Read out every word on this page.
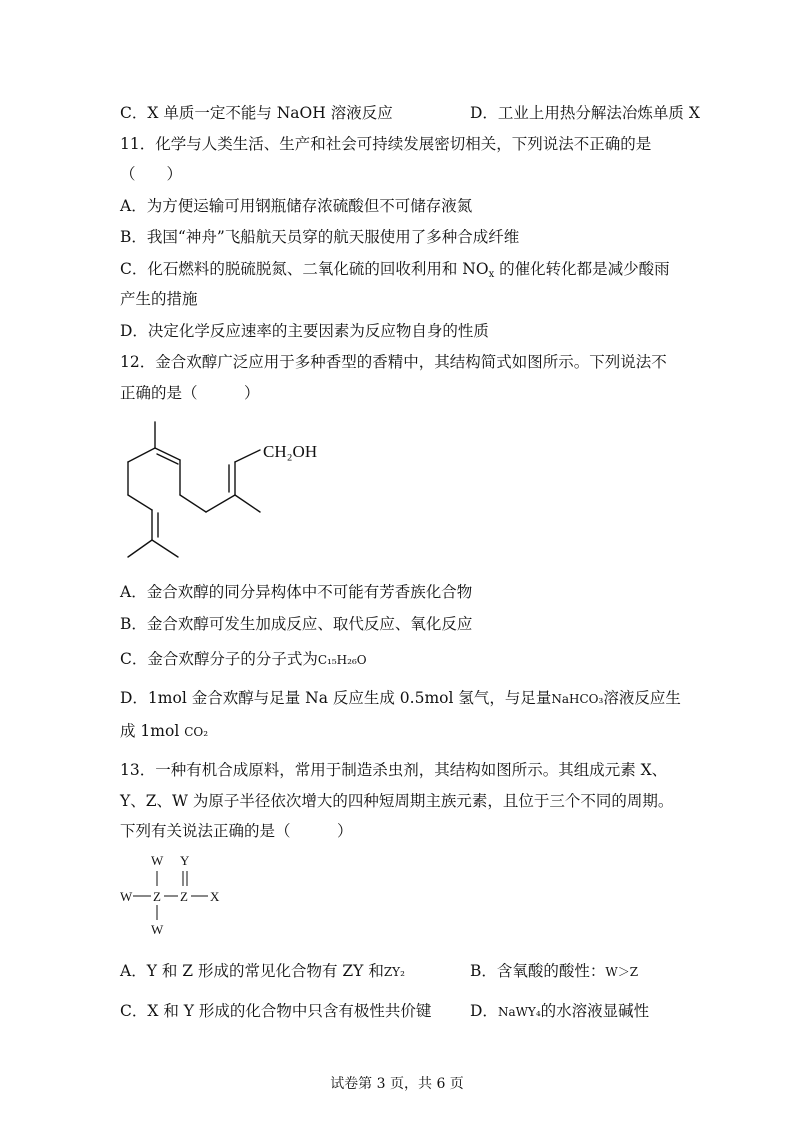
C．X 单质一定不能与 NaOH 溶液反应	D．工业上用热分解法冶炼单质 X
11．化学与人类生活、生产和社会可持续发展密切相关，下列说法不正确的是
（　　）
A．为方便运输可用钢瓶储存浓硫酸但不可储存液氮
B．我国“神舟”飞船航天员穿的航天服使用了多种合成纤维
C．化石燃料的脱硫脱氮、二氧化硫的回收利用和 $NO_x$ 的催化转化都是减少酸雨
产生的措施
D．决定化学反应速率的主要因素为反应物自身的性质
12．金合欢醇广泛应用于多种香型的香精中，其结构简式如图所示。下列说法不
正确的是（　　　）
CH₂OH
A．金合欢醇的同分异构体中不可能有芳香族化合物
B．金合欢醇可发生加成反应、取代反应、氧化反应
C．金合欢醇分子的分子式为C₁₅H₂₆O
D．1mol 金合欢醇与足量 Na 反应生成 0.5mol 氢气，与足量NaHCO₃溶液反应生
成 1mol CO₂
13．一种有机合成原料，常用于制造杀虫剂，其结构如图所示。其组成元素 X、
Y、Z、W 为原子半径依次增大的四种短周期主族元素，且位于三个不同的周期。
下列有关说法正确的是（　　　）
W Y
W Z Z X
W
A．Y 和 Z 形成的常见化合物有 ZY 和ZY₂	B．含氧酸的酸性：W＞Z
C．X 和 Y 形成的化合物中只含有极性共价键 D．NaWY₄的水溶液显碱性
试卷第 3 页，共 6 页
